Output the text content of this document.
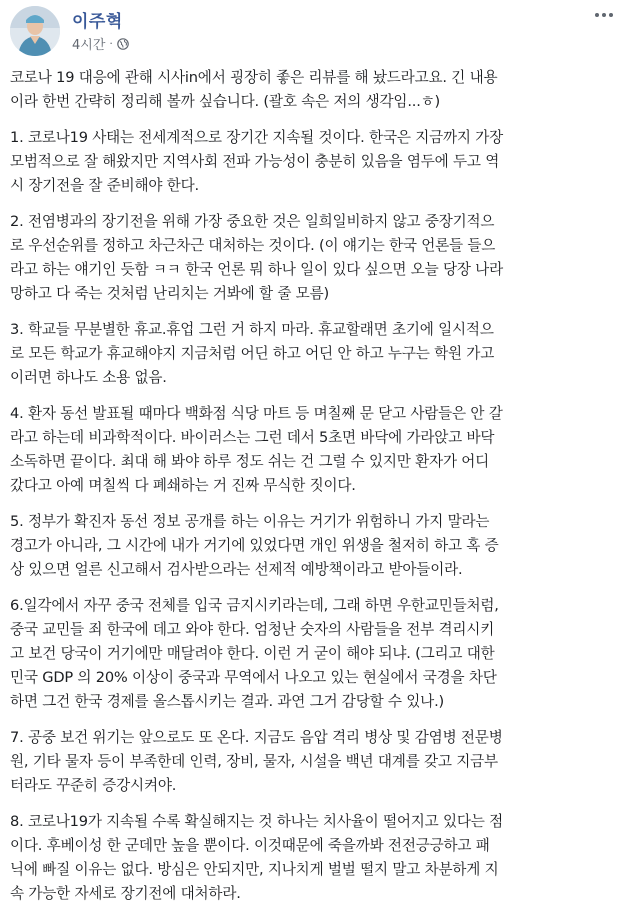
이주혁
4시간 ·

코로나 19 대응에 관해 시사in에서 굉장히 좋은 리뷰를 해 놨드라고요. 긴 내용
이라 한번 간략히 정리해 볼까 싶습니다. (괄호 속은 저의 생각임...ㅎ)

1. 코로나19 사태는 전세계적으로 장기간 지속될 것이다. 한국은 지금까지 가장
모범적으로 잘 해왔지만 지역사회 전파 가능성이 충분히 있음을 염두에 두고 역
시 장기전을 잘 준비해야 한다.

2. 전염병과의 장기전을 위해 가장 중요한 것은 일희일비하지 않고 중장기적으
로 우선순위를 정하고 차근차근 대처하는 것이다. (이 얘기는 한국 언론들 들으
라고 하는 얘기인 듯함 ㅋㅋ 한국 언론 뭐 하나 일이 있다 싶으면 오늘 당장 나라
망하고 다 죽는 것처럼 난리치는 거봐에 할 줄 모름)

3. 학교들 무분별한 휴교.휴업 그런 거 하지 마라. 휴교할래면 초기에 일시적으
로 모든 학교가 휴교해야지 지금처럼 어딘 하고 어딘 안 하고 누구는 학원 가고
이러면 하나도 소용 없음.

4. 환자 동선 발표될 때마다 백화점 식당 마트 등 며칠째 문 닫고 사람들은 안 갈
라고 하는데 비과학적이다. 바이러스는 그런 데서 5초면 바닥에 가라앉고 바닥
소독하면 끝이다. 최대 해 봐야 하루 정도 쉬는 건 그럴 수 있지만 환자가 어디
갔다고 아예 며칠씩 다 폐쇄하는 거 진짜 무식한 짓이다.

5. 정부가 확진자 동선 정보 공개를 하는 이유는 거기가 위험하니 가지 말라는
경고가 아니라, 그 시간에 내가 거기에 있었다면 개인 위생을 철저히 하고 혹 증
상 있으면 얼른 신고해서 검사받으라는 선제적 예방책이라고 받아들이라.

6.일각에서 자꾸 중국 전체를 입국 금지시키라는데, 그래 하면 우한교민들처럼,
중국 교민들 죄 한국에 데고 와야 한다. 엄청난 숫자의 사람들을 전부 격리시키
고 보건 당국이 거기에만 매달려야 한다. 이런 거 굳이 해야 되냐. (그리고 대한
민국 GDP 의 20% 이상이 중국과 무역에서 나오고 있는 현실에서 국경을 차단
하면 그건 한국 경제를 올스톱시키는 결과. 과연 그거 감당할 수 있나.)

7. 공중 보건 위기는 앞으로도 또 온다. 지금도 음압 격리 병상 및 감염병 전문병
원, 기타 물자 등이 부족한데 인력, 장비, 물자, 시설을 백년 대계를 갖고 지금부
터라도 꾸준히 증강시켜야.

8. 코로나19가 지속될 수록 확실해지는 것 하나는 치사율이 떨어지고 있다는 점
이다. 후베이성 한 군데만 높을 뿐이다. 이것때문에 죽을까봐 전전긍긍하고 패
닉에 빠질 이유는 없다. 방심은 안되지만, 지나치게 벌벌 떨지 말고 차분하게 지
속 가능한 자세로 장기전에 대처하라.
